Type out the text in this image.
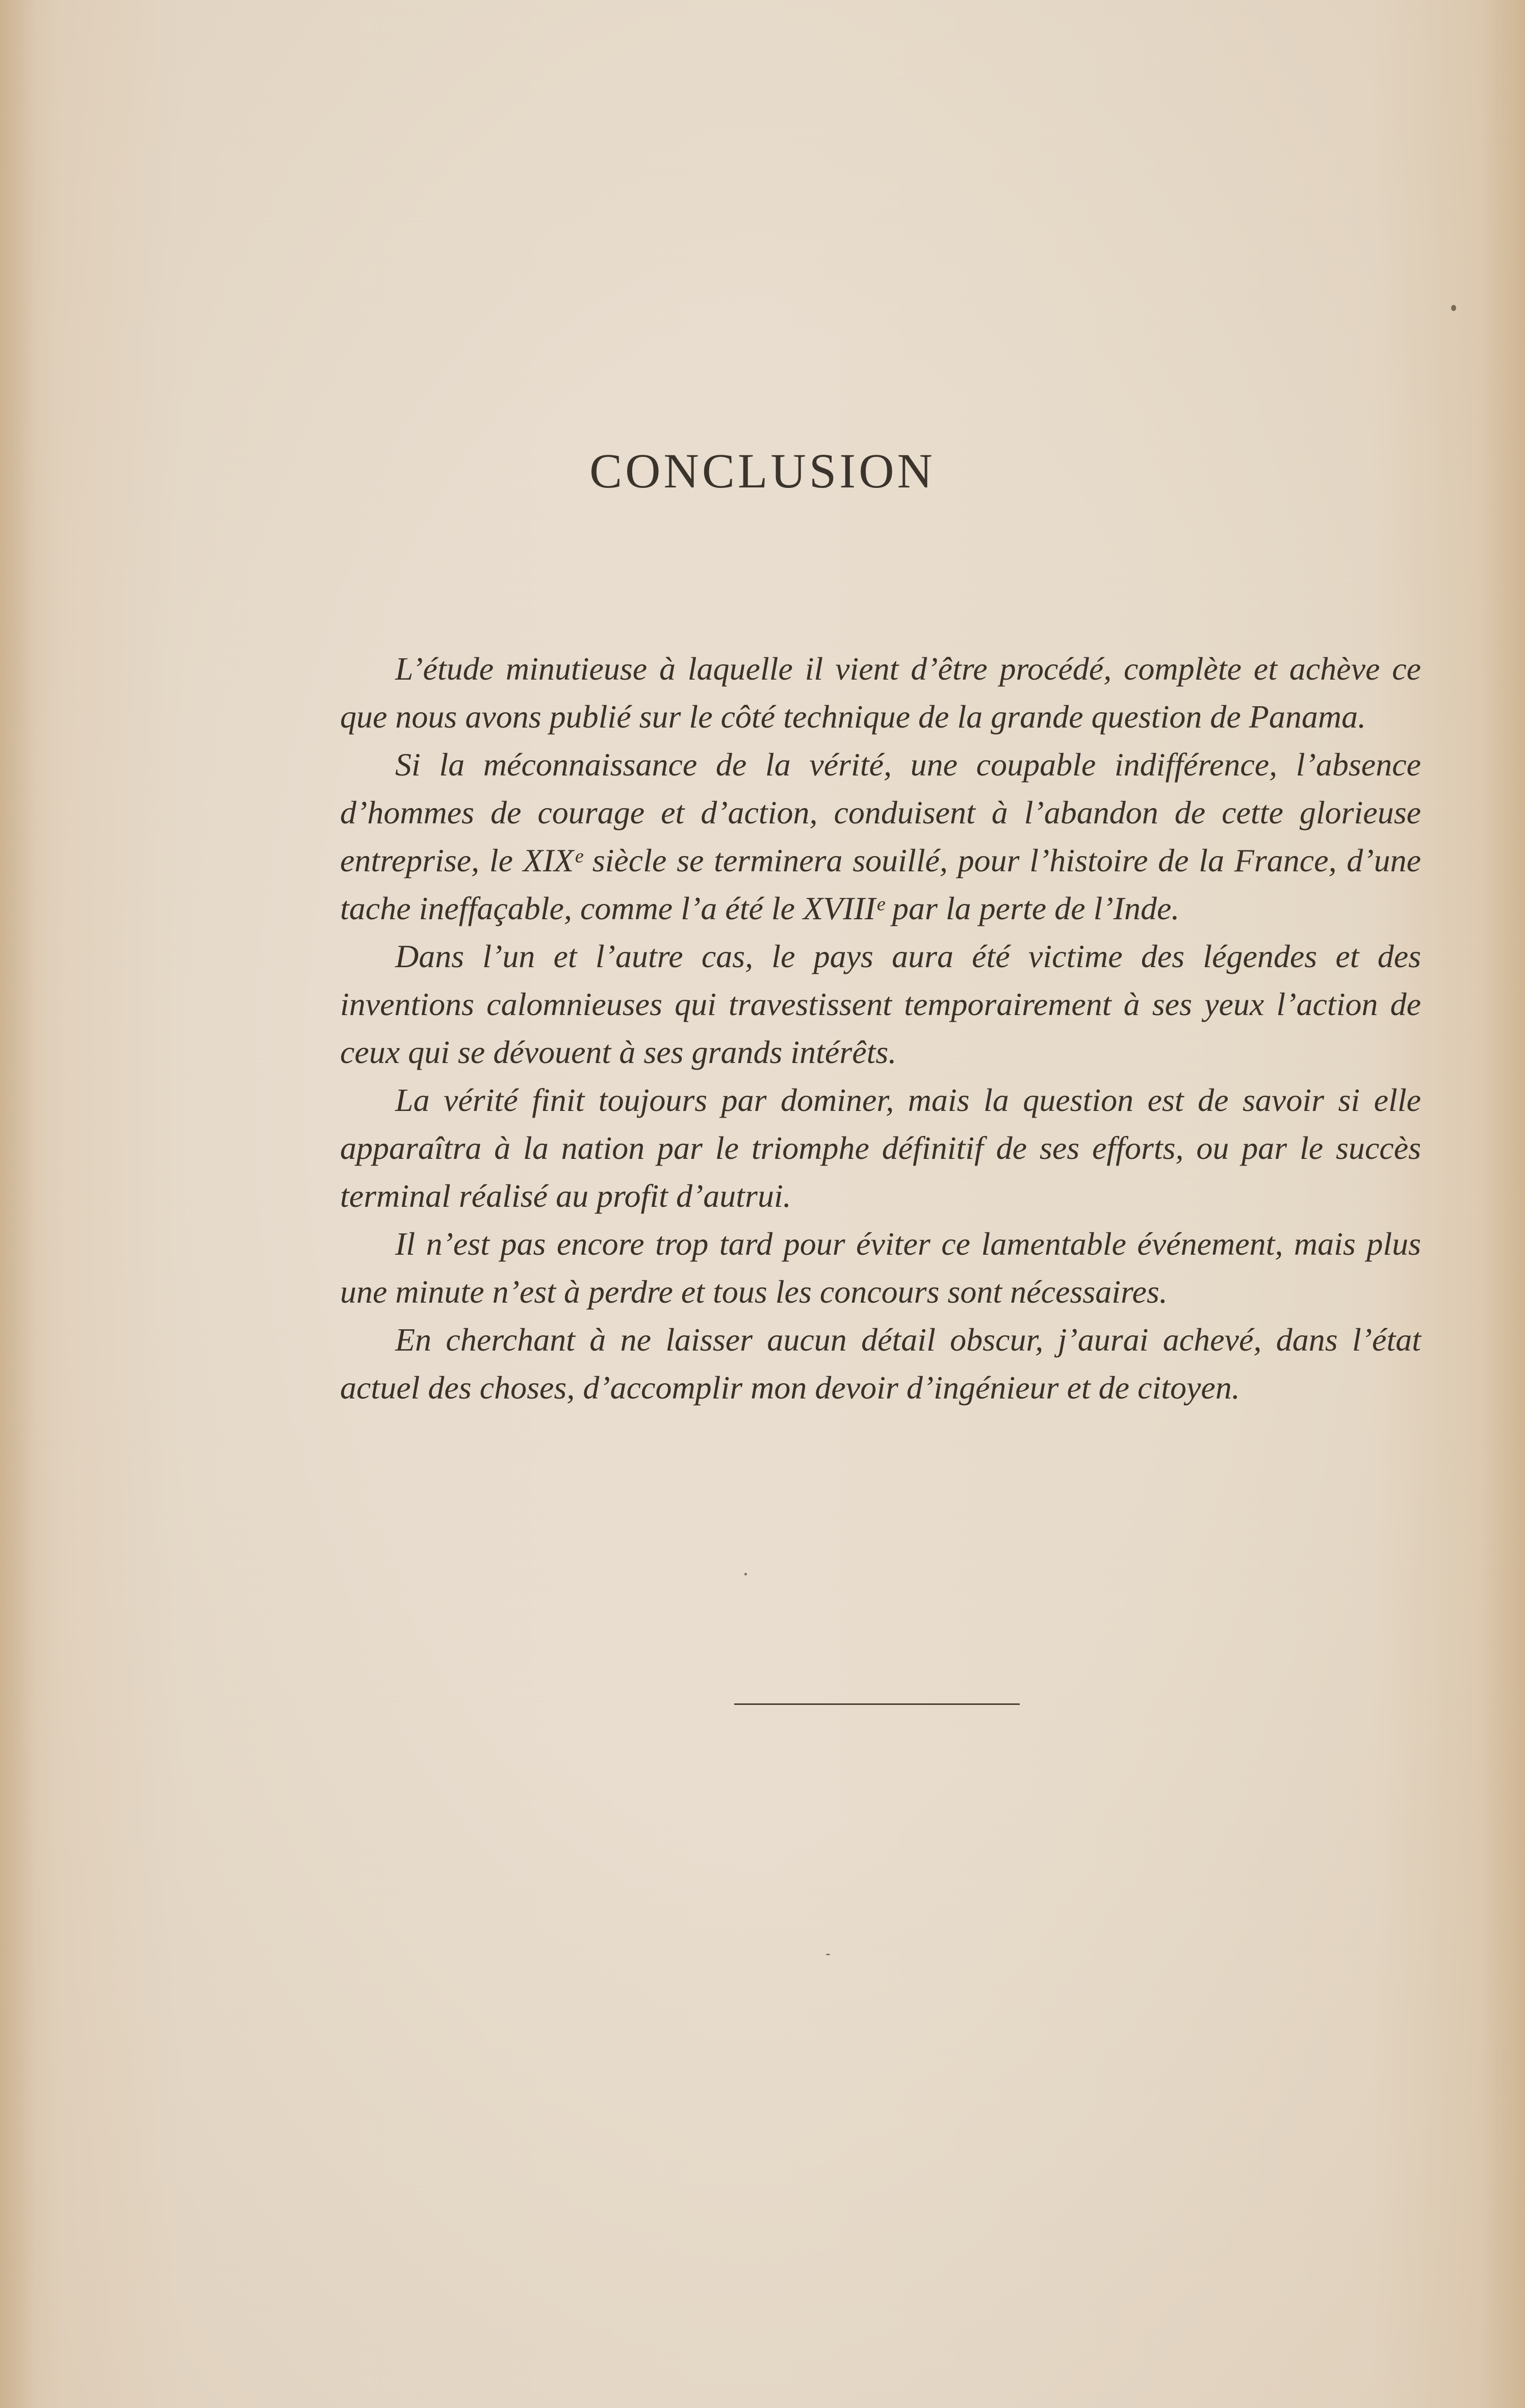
CONCLUSION

L’étude minutieuse à laquelle il vient d’être procédé, complète et achève ce que nous avons publié sur le côté technique de la grande question de Panama.

Si la méconnaissance de la vérité, une coupable indifférence, l’absence d’hommes de courage et d’action, conduisent à l’abandon de cette glorieuse entreprise, le XIXᵉ siècle se terminera souillé, pour l’histoire de la France, d’une tache ineffaçable, comme l’a été le XVIIIᵉ par la perte de l’Inde.

Dans l’un et l’autre cas, le pays aura été victime des légendes et des inventions calomnieuses qui travestissent temporairement à ses yeux l’action de ceux qui se dévouent à ses grands intérêts.

La vérité finit toujours par dominer, mais la question est de savoir si elle apparaîtra à la nation par le triomphe définitif de ses efforts, ou par le succès terminal réalisé au profit d’autrui.

Il n’est pas encore trop tard pour éviter ce lamentable événement, mais plus une minute n’est à perdre et tous les concours sont nécessaires.

En cherchant à ne laisser aucun détail obscur, j’aurai achevé, dans l’état actuel des choses, d’accomplir mon devoir d’ingénieur et de citoyen.
